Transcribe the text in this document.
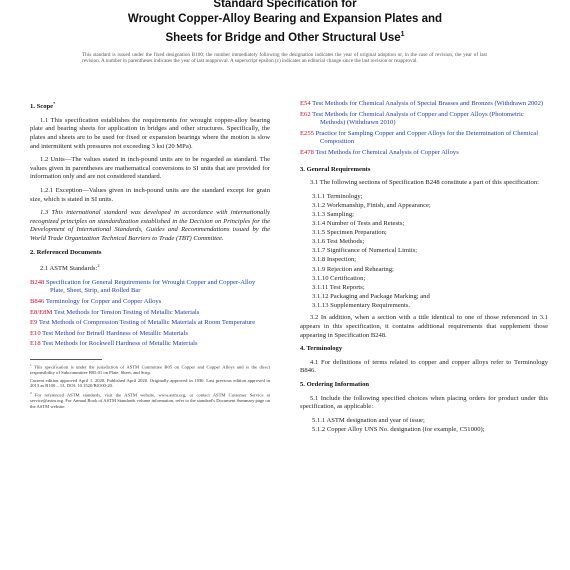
Standard Specification for
Wrought Copper-Alloy Bearing and Expansion Plates and
Sheets for Bridge and Other Structural Use$^1$

This standard is issued under the fixed designation B100; the number immediately following the designation indicates the year of original adoption or, in the case of revision, the year of last revision. A number in parentheses indicates the year of last reapproval. A superscript epsilon (ε) indicates an editorial change since the last revision or reapproval.

1. Scope*

1.1 This specification establishes the requirements for wrought copper-alloy bearing plate and bearing sheets for application in bridges and other structures. Specifically, the plates and sheets are to be used for fixed or expansion bearings where the motion is slow and intermittent with pressures not exceeding 3 ksi (20 MPa).

1.2 Units—The values stated in inch-pound units are to be regarded as standard. The values given in parentheses are mathematical conversions to SI units that are provided for information only and are not considered standard.

1.2.1 Exception—Values given in inch-pound units are the standard except for grain size, which is stated in SI units.

1.3 This international standard was developed in accordance with internationally recognized principles on standardization established in the Decision on Principles for the Development of International Standards, Guides and Recommendations issued by the World Trade Organization Technical Barriers to Trade (TBT) Committee.

2. Referenced Documents

2.1 ASTM Standards:$^2$

B248 Specification for General Requirements for Wrought Copper and Copper-Alloy Plate, Sheet, Strip, and Rolled Bar
B846 Terminology for Copper and Copper Alloys
E8/E8M Test Methods for Tension Testing of Metallic Materials
E9 Test Methods of Compression Testing of Metallic Materials at Room Temperature
E10 Test Method for Brinell Hardness of Metallic Materials
E18 Test Methods for Rockwell Hardness of Metallic Materials

$^1$ This specification is under the jurisdiction of ASTM Committee B05 on Copper and Copper Alloys and is the direct responsibility of Subcommittee B05.01 on Plate, Sheet, and Strip.

Current edition approved April 1, 2020. Published April 2020. Originally approved in 1930. Last previous edition approved in 2013 as B100 – 13. DOI: 10.1520/B0100-20.

$^2$ For referenced ASTM standards, visit the ASTM website, www.astm.org, or contact ASTM Customer Service at service@astm.org. For Annual Book of ASTM Standards volume information, refer to the standard's Document Summary page on the ASTM website.

E54 Test Methods for Chemical Analysis of Special Brasses and Bronzes (Withdrawn 2002)
E62 Test Methods for Chemical Analysis of Copper and Copper Alloys (Photometric Methods) (Withdrawn 2010)
E255 Practice for Sampling Copper and Copper Alloys for the Determination of Chemical Composition
E478 Test Methods for Chemical Analysis of Copper Alloys
3. General Requirements

3.1 The following sections of Specification B248 constitute a part of this specification:

3.1.1 Terminology;
3.1.2 Workmanship, Finish, and Appearance;
3.1.3 Sampling;
3.1.4 Number of Tests and Retests;
3.1.5 Specimen Preparation;
3.1.6 Test Methods;
3.1.7 Significance of Numerical Limits;
3.1.8 Inspection;
3.1.9 Rejection and Rehearing;
3.1.10 Certification;
3.1.11 Test Reports;
3.1.12 Packaging and Package Marking; and
3.1.13 Supplementary Requirements.

3.2 In addition, when a section with a title identical to one of those referenced in 3.1 appears in this specification, it contains additional requirements that supplement those appearing in Specification B248.

4. Terminology

4.1 For definitions of terms related to copper and copper alloys refer to Terminology B846.

5. Ordering Information

5.1 Include the following specified choices when placing orders for product under this specification, as applicable:

5.1.1 ASTM designation and year of issue;
5.1.2 Copper Alloy UNS No. designation (for example, C51000);
